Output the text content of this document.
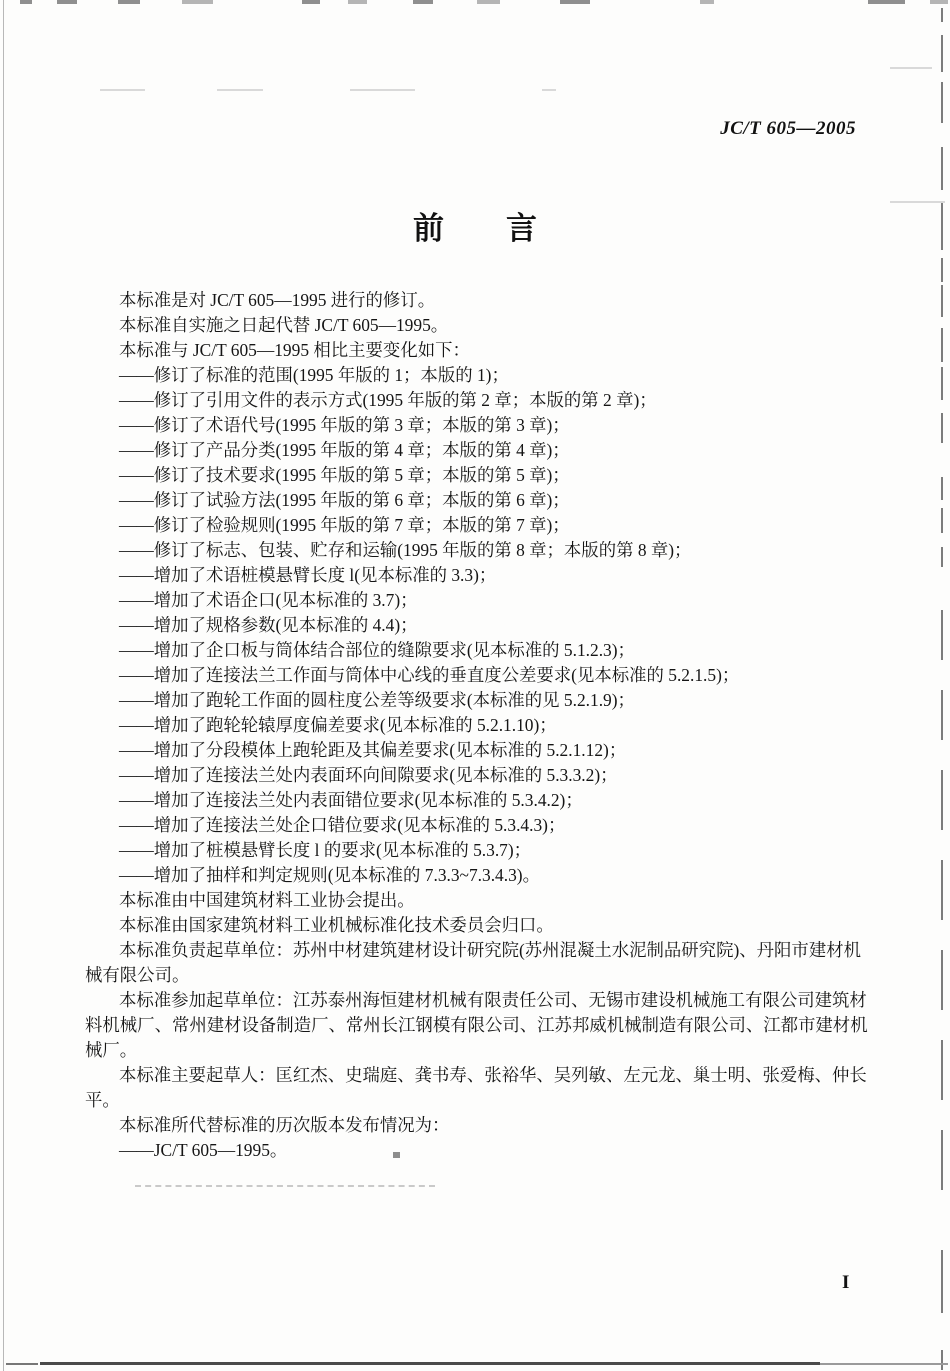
JC/T 605—2005
前 言
本标准是对 JC/T 605—1995 进行的修订。
本标准自实施之日起代替 JC/T 605—1995。
本标准与 JC/T 605—1995 相比主要变化如下：
——修订了标准的范围(1995 年版的 1；本版的 1)；
——修订了引用文件的表示方式(1995 年版的第 2 章；本版的第 2 章)；
——修订了术语代号(1995 年版的第 3 章；本版的第 3 章)；
——修订了产品分类(1995 年版的第 4 章；本版的第 4 章)；
——修订了技术要求(1995 年版的第 5 章；本版的第 5 章)；
——修订了试验方法(1995 年版的第 6 章；本版的第 6 章)；
——修订了检验规则(1995 年版的第 7 章；本版的第 7 章)；
——修订了标志、包装、贮存和运输(1995 年版的第 8 章；本版的第 8 章)；
——增加了术语桩模悬臂长度 l(见本标准的 3.3)；
——增加了术语企口(见本标准的 3.7)；
——增加了规格参数(见本标准的 4.4)；
——增加了企口板与筒体结合部位的缝隙要求(见本标准的 5.1.2.3)；
——增加了连接法兰工作面与筒体中心线的垂直度公差要求(见本标准的 5.2.1.5)；
——增加了跑轮工作面的圆柱度公差等级要求(本标准的见 5.2.1.9)；
——增加了跑轮轮辕厚度偏差要求(见本标准的 5.2.1.10)；
——增加了分段模体上跑轮距及其偏差要求(见本标准的 5.2.1.12)；
——增加了连接法兰处内表面环向间隙要求(见本标准的 5.3.3.2)；
——增加了连接法兰处内表面错位要求(见本标准的 5.3.4.2)；
——增加了连接法兰处企口错位要求(见本标准的 5.3.4.3)；
——增加了桩模悬臂长度 l 的要求(见本标准的 5.3.7)；
——增加了抽样和判定规则(见本标准的 7.3.3~7.3.4.3)。
本标准由中国建筑材料工业协会提出。
本标准由国家建筑材料工业机械标准化技术委员会归口。
本标准负责起草单位：苏州中材建筑建材设计研究院(苏州混凝土水泥制品研究院)、丹阳市建材机
械有限公司。
本标准参加起草单位：江苏泰州海恒建材机械有限责任公司、无锡市建设机械施工有限公司建筑材
料机械厂、常州建材设备制造厂、常州长江钢模有限公司、江苏邦威机械制造有限公司、江都市建材机
械厂。
本标准主要起草人：匡红杰、史瑞庭、龚书寿、张裕华、吴列敏、左元龙、巢士明、张爱梅、仲长
平。
本标准所代替标准的历次版本发布情况为：
——JC/T 605—1995。
I
